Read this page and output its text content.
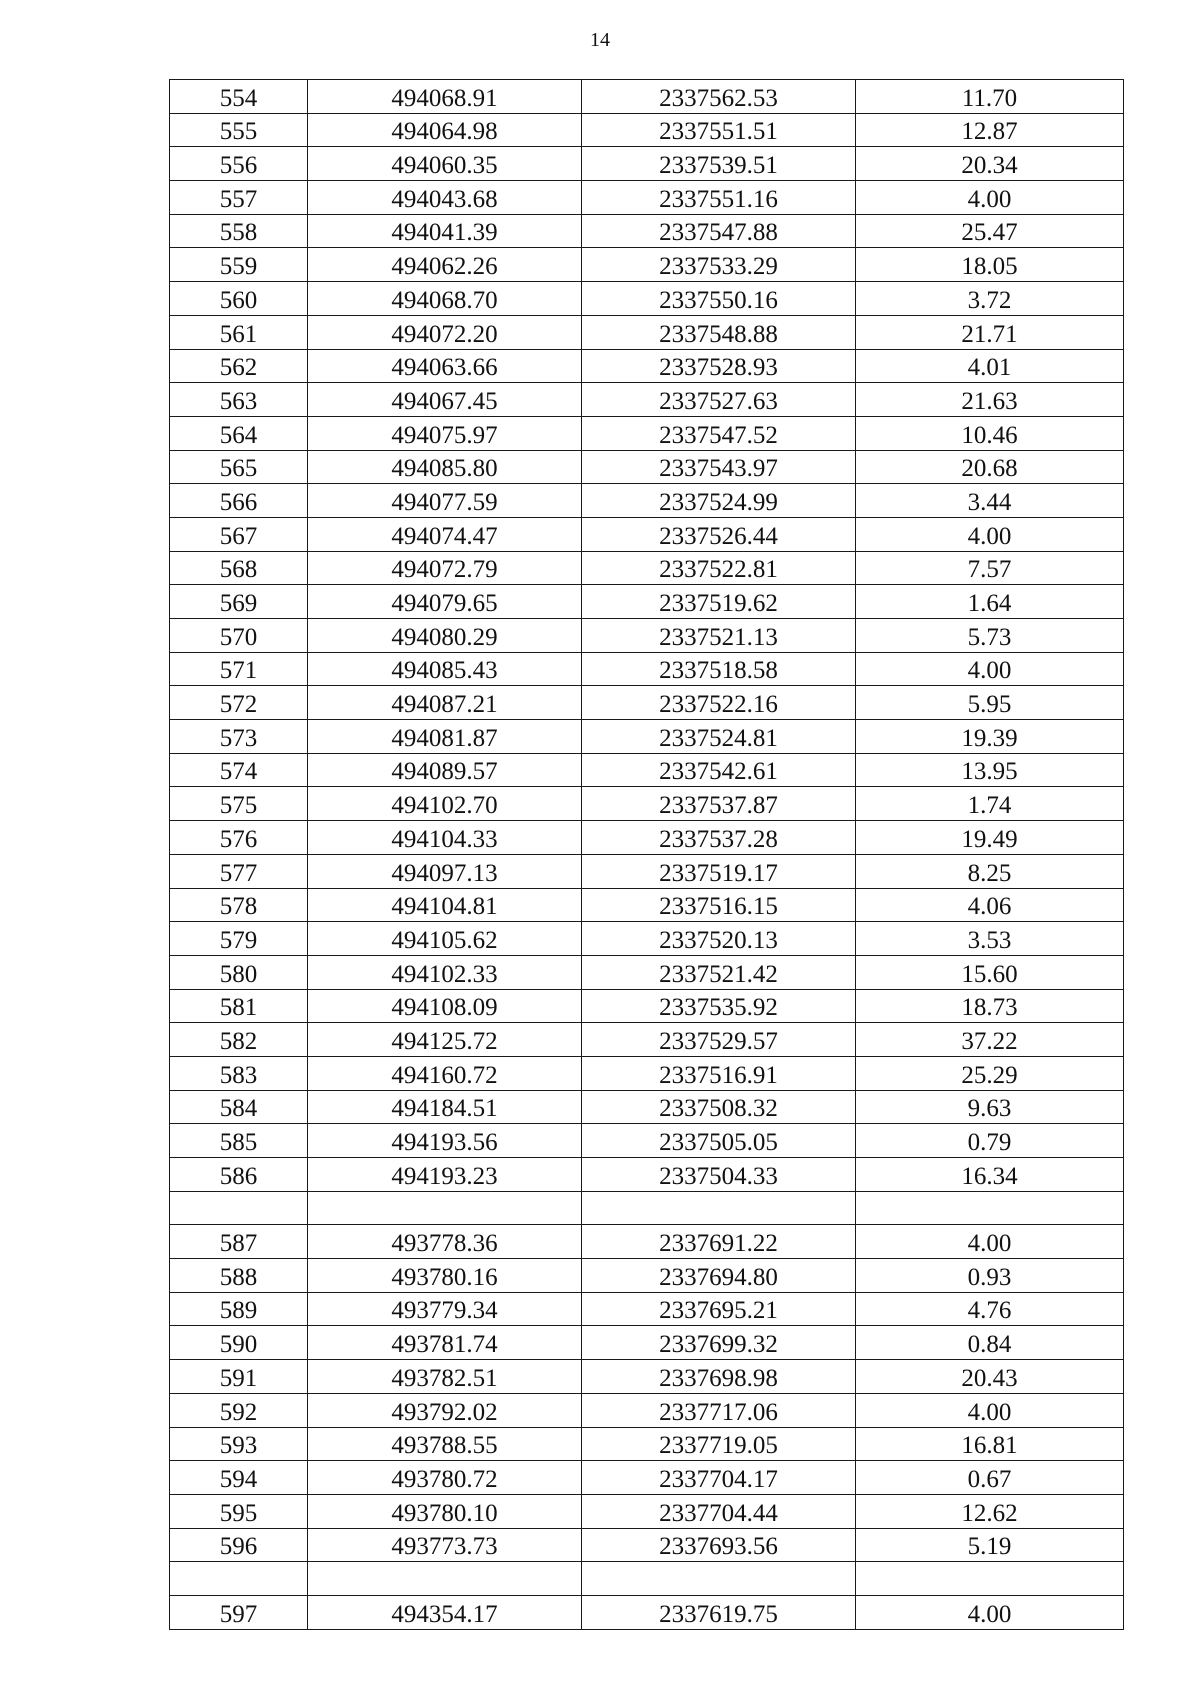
14
554	494068.91	2337562.53	11.70
555	494064.98	2337551.51	12.87
556	494060.35	2337539.51	20.34
557	494043.68	2337551.16	4.00
558	494041.39	2337547.88	25.47
559	494062.26	2337533.29	18.05
560	494068.70	2337550.16	3.72
561	494072.20	2337548.88	21.71
562	494063.66	2337528.93	4.01
563	494067.45	2337527.63	21.63
564	494075.97	2337547.52	10.46
565	494085.80	2337543.97	20.68
566	494077.59	2337524.99	3.44
567	494074.47	2337526.44	4.00
568	494072.79	2337522.81	7.57
569	494079.65	2337519.62	1.64
570	494080.29	2337521.13	5.73
571	494085.43	2337518.58	4.00
572	494087.21	2337522.16	5.95
573	494081.87	2337524.81	19.39
574	494089.57	2337542.61	13.95
575	494102.70	2337537.87	1.74
576	494104.33	2337537.28	19.49
577	494097.13	2337519.17	8.25
578	494104.81	2337516.15	4.06
579	494105.62	2337520.13	3.53
580	494102.33	2337521.42	15.60
581	494108.09	2337535.92	18.73
582	494125.72	2337529.57	37.22
583	494160.72	2337516.91	25.29
584	494184.51	2337508.32	9.63
585	494193.56	2337505.05	0.79
586	494193.23	2337504.33	16.34

587	493778.36	2337691.22	4.00
588	493780.16	2337694.80	0.93
589	493779.34	2337695.21	4.76
590	493781.74	2337699.32	0.84
591	493782.51	2337698.98	20.43
592	493792.02	2337717.06	4.00
593	493788.55	2337719.05	16.81
594	493780.72	2337704.17	0.67
595	493780.10	2337704.44	12.62
596	493773.73	2337693.56	5.19

597	494354.17	2337619.75	4.00
